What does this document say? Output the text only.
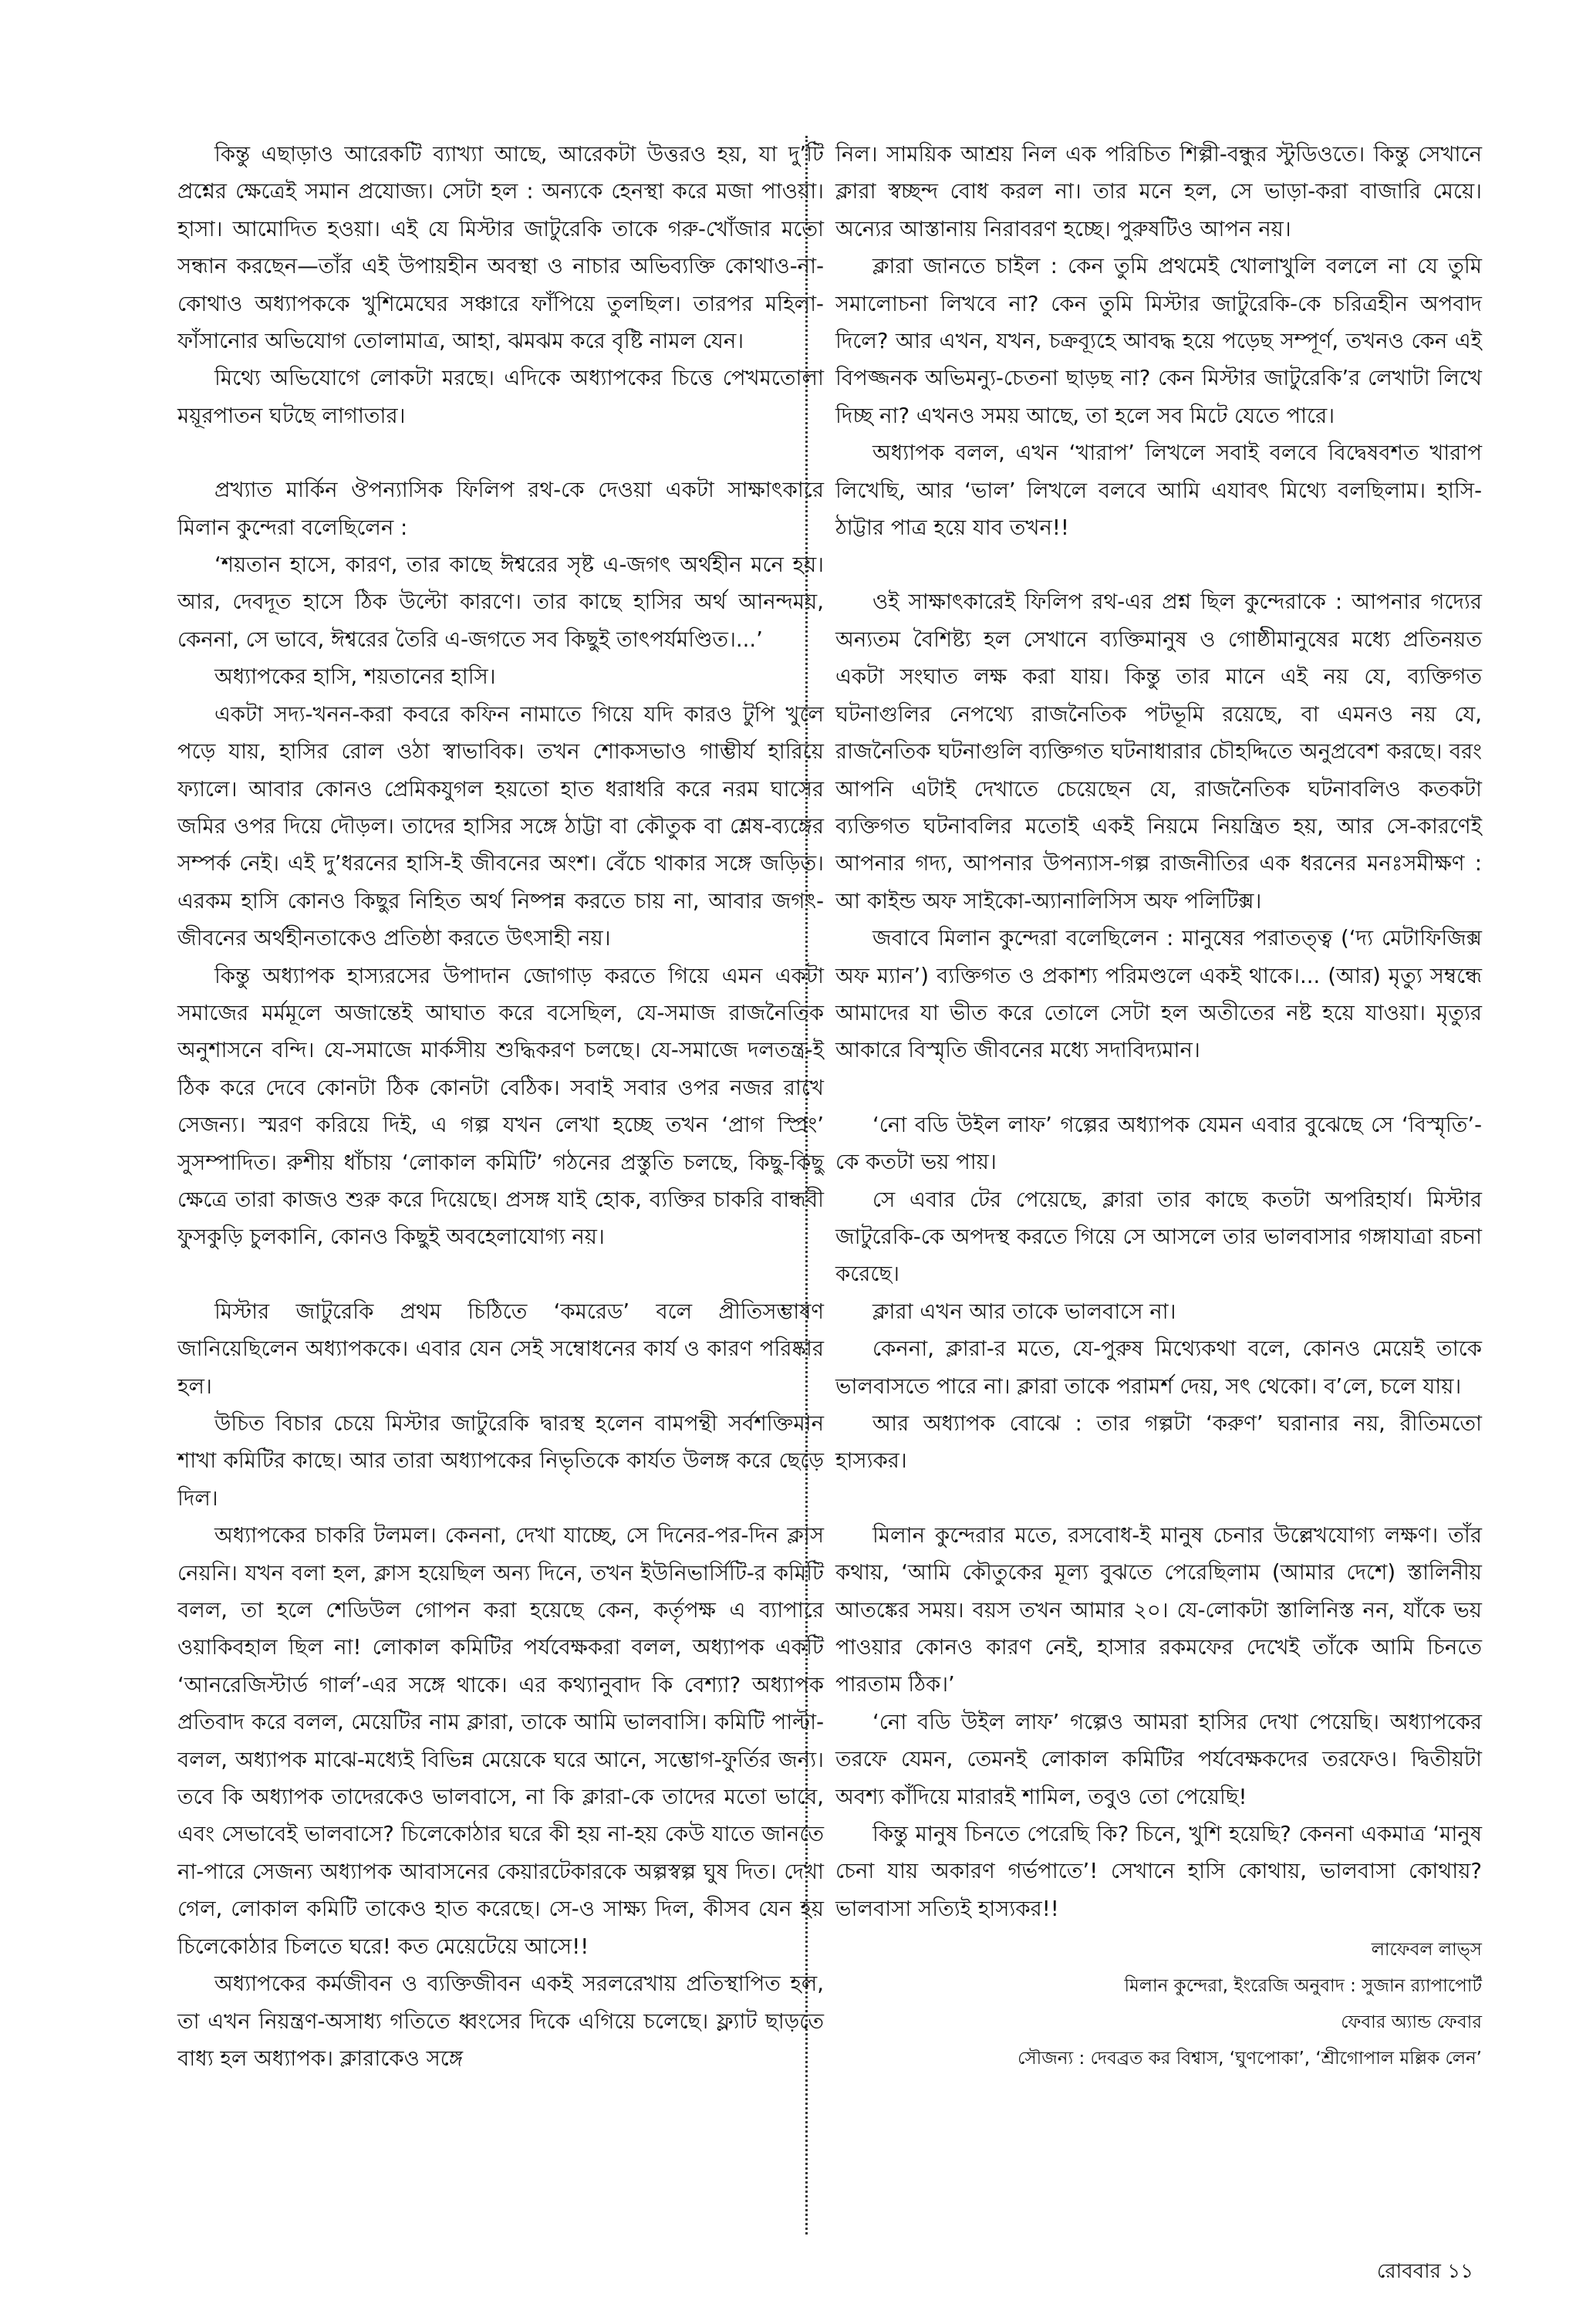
কিন্তু এছাড়াও আরেকটি ব্যাখ্যা আছে, আরেকটা উত্তরও হয়, যা দু’টি প্রশ্নের ক্ষেত্রেই সমান প্রযোজ্য। সেটা হল : অন্যকে হেনস্থা করে মজা পাওয়া। হাসা। আমোদিত হওয়া। এই যে মিস্টার জাটুরেকি তাকে গরু-খোঁজার মতো সন্ধান করছেন—তাঁর এই উপায়হীন অবস্থা ও নাচার অভিব্যক্তি কোথাও-না-কোথাও অধ্যাপককে খুশিমেঘের সঞ্চারে ফাঁপিয়ে তুলছিল। তারপর মহিলা-ফাঁসানোর অভিযোগ তোলামাত্র, আহা, ঝমঝম করে বৃষ্টি নামল যেন।

মিথ্যে অভিযোগে লোকটা মরছে। এদিকে অধ্যাপকের চিত্তে পেখমতোলা ময়ূরপাতন ঘটছে লাগাতার।

প্রখ্যাত মার্কিন ঔপন্যাসিক ফিলিপ রথ-কে দেওয়া একটা সাক্ষাৎকারে মিলান কুন্দেরা বলেছিলেন :

‘শয়তান হাসে, কারণ, তার কাছে ঈশ্বরের সৃষ্ট এ-জগৎ অর্থহীন মনে হয়। আর, দেবদূত হাসে ঠিক উল্টো কারণে। তার কাছে হাসির অর্থ আনন্দময়, কেননা, সে ভাবে, ঈশ্বরের তৈরি এ-জগতে সব কিছুই তাৎপর্যমণ্ডিত।...’

অধ্যাপকের হাসি, শয়তানের হাসি।

একটা সদ্য-খনন-করা কবরে কফিন নামাতে গিয়ে যদি কারও টুপি খুলে পড়ে যায়, হাসির রোল ওঠা স্বাভাবিক। তখন শোকসভাও গাম্ভীর্য হারিয়ে ফ্যালে। আবার কোনও প্রেমিকযুগল হয়তো হাত ধরাধরি করে নরম ঘাসের জমির ওপর দিয়ে দৌড়ল। তাদের হাসির সঙ্গে ঠাট্টা বা কৌতুক বা শ্লেষ-ব্যঙ্গের সম্পর্ক নেই। এই দু’ধরনের হাসি-ই জীবনের অংশ। বেঁচে থাকার সঙ্গে জড়িত। এরকম হাসি কোনও কিছুর নিহিত অর্থ নিষ্পন্ন করতে চায় না, আবার জগৎ-জীবনের অর্থহীনতাকেও প্রতিষ্ঠা করতে উৎসাহী নয়।

কিন্তু অধ্যাপক হাস্যরসের উপাদান জোগাড় করতে গিয়ে এমন একটা সমাজের মর্মমূলে অজান্তেই আঘাত করে বসেছিল, যে-সমাজ রাজনৈতিক অনুশাসনে বন্দি। যে-সমাজে মার্কসীয় শুদ্ধিকরণ চলছে। যে-সমাজে দলতন্ত্র-ই ঠিক করে দেবে কোনটা ঠিক কোনটা বেঠিক। সবাই সবার ওপর নজর রাখে সেজন্য। স্মরণ করিয়ে দিই, এ গল্প যখন লেখা হচ্ছে তখন ‘প্রাগ স্প্রিং’ সুসম্পাদিত। রুশীয় ধাঁচায় ‘লোকাল কমিটি’ গঠনের প্রস্তুতি চলছে, কিছু-কিছু ক্ষেত্রে তারা কাজও শুরু করে দিয়েছে। প্রসঙ্গ যাই হোক, ব্যক্তির চাকরি বান্ধবী ফুসকুড়ি চুলকানি, কোনও কিছুই অবহেলাযোগ্য নয়।

মিস্টার জাটুরেকি প্রথম চিঠিতে ‘কমরেড’ বলে প্রীতিসম্ভাষণ জানিয়েছিলেন অধ্যাপককে। এবার যেন সেই সম্বোধনের কার্য ও কারণ পরিষ্কার হল।

উচিত বিচার চেয়ে মিস্টার জাটুরেকি দ্বারস্থ হলেন বামপন্থী সর্বশক্তিমান শাখা কমিটির কাছে। আর তারা অধ্যাপকের নিভৃতিকে কার্যত উলঙ্গ করে ছেড়ে দিল।

অধ্যাপকের চাকরি টলমল। কেননা, দেখা যাচ্ছে, সে দিনের-পর-দিন ক্লাস নেয়নি। যখন বলা হল, ক্লাস হয়েছিল অন্য দিনে, তখন ইউনিভার্সিটি-র কমিটি বলল, তা হলে শেডিউল গোপন করা হয়েছে কেন, কর্তৃপক্ষ এ ব্যাপারে ওয়াকিবহাল ছিল না! লোকাল কমিটির পর্যবেক্ষকরা বলল, অধ্যাপক একটি ‘আনরেজিস্টার্ড গার্ল’-এর সঙ্গে থাকে। এর কথ্যানুবাদ কি বেশ্যা? অধ্যাপক প্রতিবাদ করে বলল, মেয়েটির নাম ক্লারা, তাকে আমি ভালবাসি। কমিটি পাল্টা-বলল, অধ্যাপক মাঝে-মধ্যেই বিভিন্ন মেয়েকে ঘরে আনে, সম্ভোগ-ফুর্তির জন্য। তবে কি অধ্যাপক তাদেরকেও ভালবাসে, না কি ক্লারা-কে তাদের মতো ভাবে, এবং সেভাবেই ভালবাসে? চিলেকোঠার ঘরে কী হয় না-হয় কেউ যাতে জানতে না-পারে সেজন্য অধ্যাপক আবাসনের কেয়ারটেকারকে অল্পস্বল্প ঘুষ দিত। দেখা গেল, লোকাল কমিটি তাকেও হাত করেছে। সে-ও সাক্ষ্য দিল, কীসব যেন হয় চিলেকোঠার চিলতে ঘরে! কত মেয়েটেয়ে আসে!!

অধ্যাপকের কর্মজীবন ও ব্যক্তিজীবন একই সরলরেখায় প্রতিস্থাপিত হল, তা এখন নিয়ন্ত্রণ-অসাধ্য গতিতে ধ্বংসের দিকে এগিয়ে চলেছে। ফ্ল্যাট ছাড়তে বাধ্য হল অধ্যাপক। ক্লারাকেও সঙ্গে

নিল। সাময়িক আশ্রয় নিল এক পরিচিত শিল্পী-বন্ধুর স্টুডিওতে। কিন্তু সেখানে ক্লারা স্বচ্ছন্দ বোধ করল না। তার মনে হল, সে ভাড়া-করা বাজারি মেয়ে। অন্যের আস্তানায় নিরাবরণ হচ্ছে। পুরুষটিও আপন নয়।

ক্লারা জানতে চাইল : কেন তুমি প্রথমেই খোলাখুলি বললে না যে তুমি সমালোচনা লিখবে না? কেন তুমি মিস্টার জাটুরেকি-কে চরিত্রহীন অপবাদ দিলে? আর এখন, যখন, চক্রব্যূহে আবদ্ধ হয়ে পড়েছ সম্পূর্ণ, তখনও কেন এই বিপজ্জনক অভিমন্যু-চেতনা ছাড়ছ না? কেন মিস্টার জাটুরেকি’র লেখাটা লিখে দিচ্ছ না? এখনও সময় আছে, তা হলে সব মিটে যেতে পারে।

অধ্যাপক বলল, এখন ‘খারাপ’ লিখলে সবাই বলবে বিদ্বেষবশত খারাপ লিখেছি, আর ‘ভাল’ লিখলে বলবে আমি এযাবৎ মিথ্যে বলছিলাম। হাসি-ঠাট্টার পাত্র হয়ে যাব তখন!!

ওই সাক্ষাৎকারেই ফিলিপ রথ-এর প্রশ্ন ছিল কুন্দেরাকে : আপনার গদ্যের অন্যতম বৈশিষ্ট্য হল সেখানে ব্যক্তিমানুষ ও গোষ্ঠীমানুষের মধ্যে প্রতিনয়ত একটা সংঘাত লক্ষ করা যায়। কিন্তু তার মানে এই নয় যে, ব্যক্তিগত ঘটনাগুলির নেপথ্যে রাজনৈতিক পটভূমি রয়েছে, বা এমনও নয় যে, রাজনৈতিক ঘটনাগুলি ব্যক্তিগত ঘটনাধারার চৌহদ্দিতে অনুপ্রবেশ করছে। বরং আপনি এটাই দেখাতে চেয়েছেন যে, রাজনৈতিক ঘটনাবলিও কতকটা ব্যক্তিগত ঘটনাবলির মতোই একই নিয়মে নিয়ন্ত্রিত হয়, আর সে-কারণেই আপনার গদ্য, আপনার উপন্যাস-গল্প রাজনীতির এক ধরনের মনঃসমীক্ষণ : আ কাইন্ড অফ সাইকো-অ্যানালিসিস অফ পলিটিক্স।

জবাবে মিলান কুন্দেরা বলেছিলেন : মানুষের পরাতত্ত্ব (‘দ্য মেটাফিজিক্স অফ ম্যান’) ব্যক্তিগত ও প্রকাশ্য পরিমণ্ডলে একই থাকে।... (আর) মৃত্যু সম্বন্ধে আমাদের যা ভীত করে তোলে সেটা হল অতীতের নষ্ট হয়ে যাওয়া। মৃত্যুর আকারে বিস্মৃতি জীবনের মধ্যে সদাবিদ্যমান।

‘নো বডি উইল লাফ’ গল্পের অধ্যাপক যেমন এবার বুঝেছে সে ‘বিস্মৃতি’-কে কতটা ভয় পায়।

সে এবার টের পেয়েছে, ক্লারা তার কাছে কতটা অপরিহার্য। মিস্টার জাটুরেকি-কে অপদস্থ করতে গিয়ে সে আসলে তার ভালবাসার গঙ্গাযাত্রা রচনা করেছে।

ক্লারা এখন আর তাকে ভালবাসে না।

কেননা, ক্লারা-র মতে, যে-পুরুষ মিথ্যেকথা বলে, কোনও মেয়েই তাকে ভালবাসতে পারে না। ক্লারা তাকে পরামর্শ দেয়, সৎ থেকো। ব’লে, চলে যায়।

আর অধ্যাপক বোঝে : তার গল্পটা ‘করুণ’ ঘরানার নয়, রীতিমতো হাস্যকর।

মিলান কুন্দেরার মতে, রসবোধ-ই মানুষ চেনার উল্লেখযোগ্য লক্ষণ। তাঁর কথায়, ‘আমি কৌতুকের মূল্য বুঝতে পেরেছিলাম (আমার দেশে) স্তালিনীয় আতঙ্কের সময়। বয়স তখন আমার ২০। যে-লোকটা স্তালিনিস্ত নন, যাঁকে ভয় পাওয়ার কোনও কারণ নেই, হাসার রকমফের দেখেই তাঁকে আমি চিনতে পারতাম ঠিক।’

‘নো বডি উইল লাফ’ গল্পেও আমরা হাসির দেখা পেয়েছি। অধ্যাপকের তরফে যেমন, তেমনই লোকাল কমিটির পর্যবেক্ষকদের তরফেও। দ্বিতীয়টা অবশ্য কাঁদিয়ে মারারই শামিল, তবুও তো পেয়েছি!

কিন্তু মানুষ চিনতে পেরেছি কি? চিনে, খুশি হয়েছি? কেননা একমাত্র ‘মানুষ চেনা যায় অকারণ গর্ভপাতে’! সেখানে হাসি কোথায়, ভালবাসা কোথায়? ভালবাসা সত্যিই হাস্যকর!!

লাফেবল লাভ্‌স
মিলান কুন্দেরা, ইংরেজি অনুবাদ : সুজান র‍্যাপাপোর্ট
ফেবার অ্যান্ড ফেবার
সৌজন্য : দেবব্রত কর বিশ্বাস, ‘ঘুণপোকা’, ‘শ্রীগোপাল মল্লিক লেন’
রোববার ১১
